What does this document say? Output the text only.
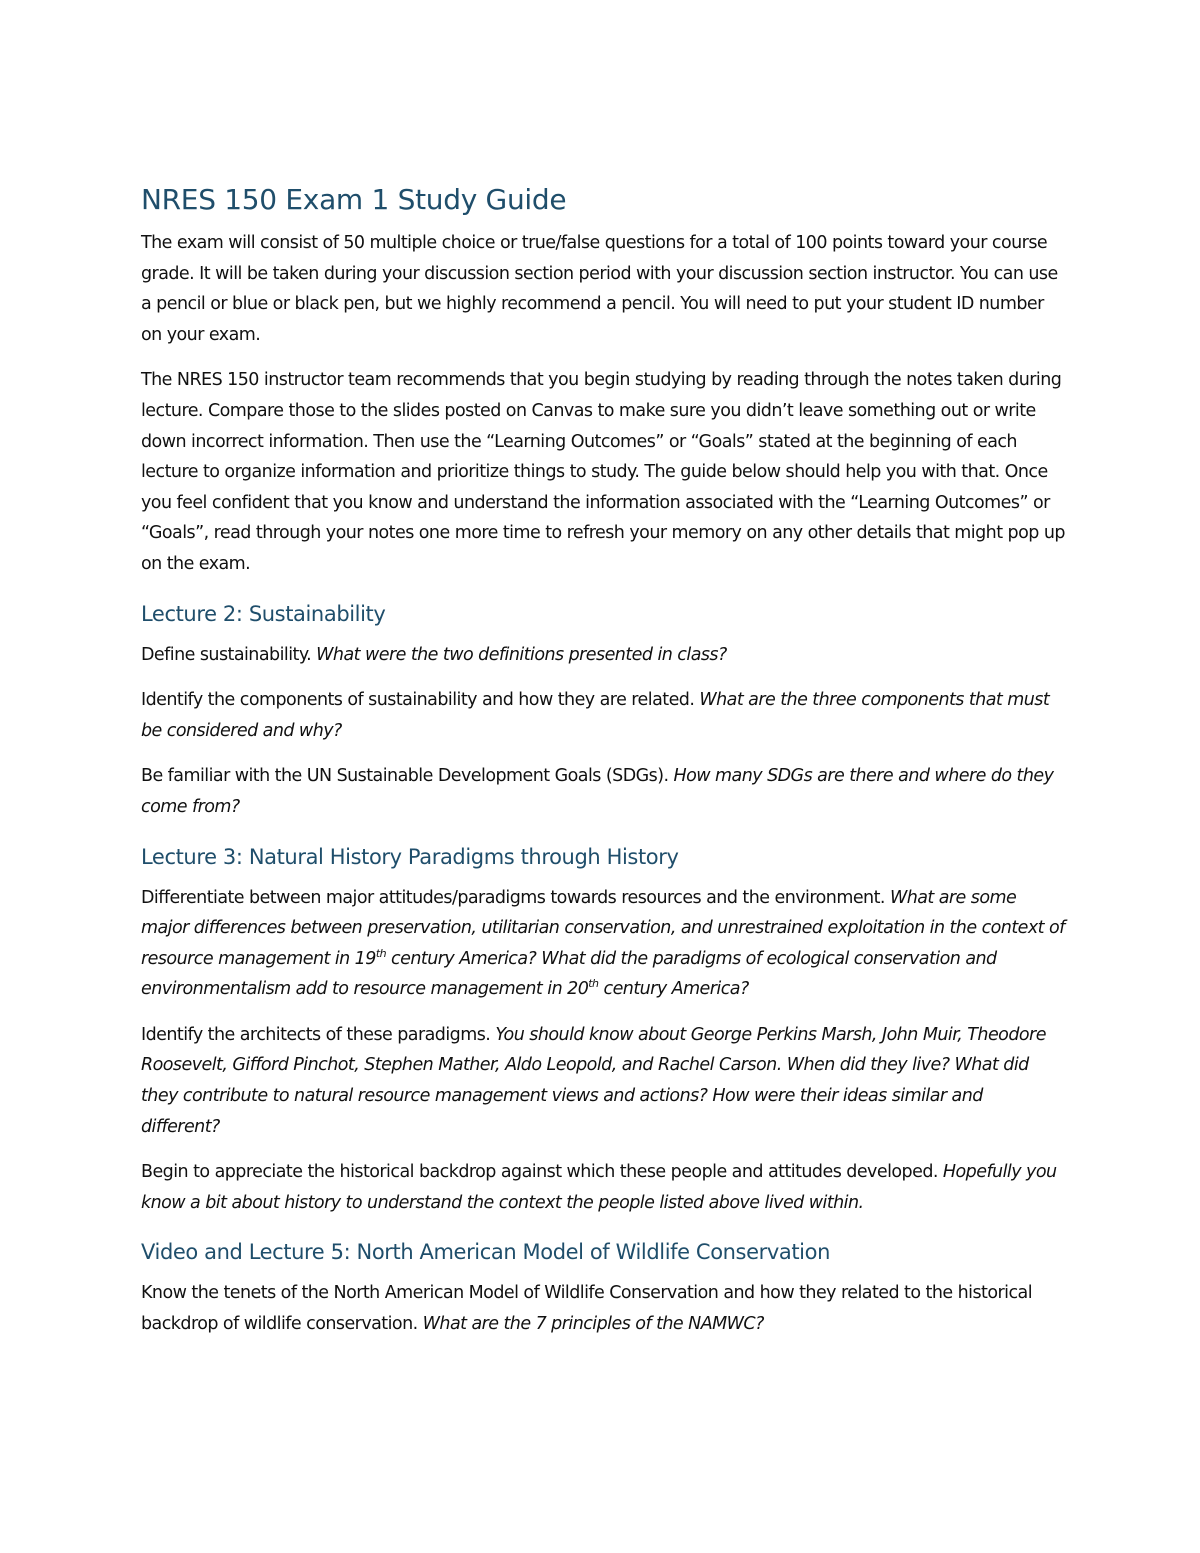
NRES 150 Exam 1 Study Guide

The exam will consist of 50 multiple choice or true/false questions for a total of 100 points toward your course grade. It will be taken during your discussion section period with your discussion section instructor. You can use a pencil or blue or black pen, but we highly recommend a pencil. You will need to put your student ID number on your exam.

The NRES 150 instructor team recommends that you begin studying by reading through the notes taken during lecture. Compare those to the slides posted on Canvas to make sure you didn’t leave something out or write down incorrect information. Then use the “Learning Outcomes” or “Goals” stated at the beginning of each lecture to organize information and prioritize things to study. The guide below should help you with that. Once you feel confident that you know and understand the information associated with the “Learning Outcomes” or “Goals”, read through your notes one more time to refresh your memory on any other details that might pop up on the exam.

Lecture 2: Sustainability

Define sustainability. What were the two definitions presented in class?

Identify the components of sustainability and how they are related. What are the three components that must be considered and why?

Be familiar with the UN Sustainable Development Goals (SDGs). How many SDGs are there and where do they come from?

Lecture 3: Natural History Paradigms through History

Differentiate between major attitudes/paradigms towards resources and the environment. What are some major differences between preservation, utilitarian conservation, and unrestrained exploitation in the context of resource management in 19th century America? What did the paradigms of ecological conservation and environmentalism add to resource management in 20th century America?

Identify the architects of these paradigms. You should know about George Perkins Marsh, John Muir, Theodore Roosevelt, Gifford Pinchot, Stephen Mather, Aldo Leopold, and Rachel Carson. When did they live? What did they contribute to natural resource management views and actions? How were their ideas similar and different?

Begin to appreciate the historical backdrop against which these people and attitudes developed. Hopefully you know a bit about history to understand the context the people listed above lived within.

Video and Lecture 5: North American Model of Wildlife Conservation

Know the tenets of the North American Model of Wildlife Conservation and how they related to the historical backdrop of wildlife conservation. What are the 7 principles of the NAMWC?
